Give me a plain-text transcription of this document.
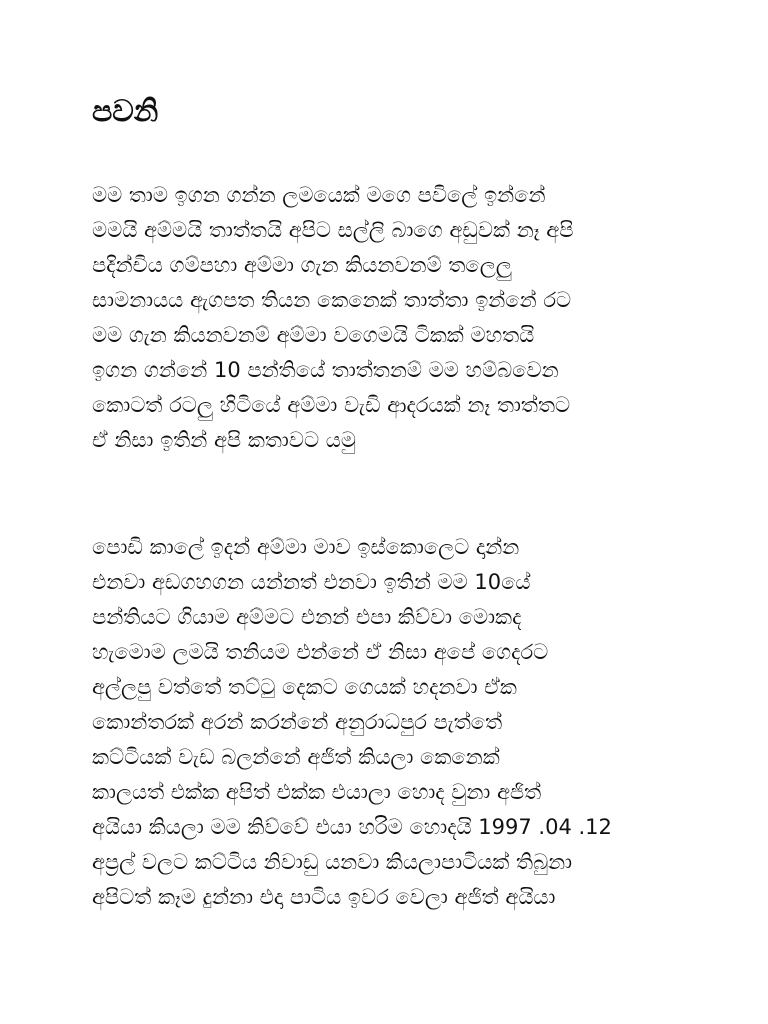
පවනි
මම තාම ඉගන ගන්න ලමයෙක් මගෙ පවිලේ ඉන්නේ
මමයි අම්මයි තාත්තයි අපිට සල්ලි බාගෙ අඩුවක් නෑ අපි
පදින්චිය ගම්පහා අම්මා ගැන කියනවනම් තලෙලු
සාමනායය ඇගපත තියන කෙනෙක් තාත්තා ඉන්නේ රට
මම ගැන කියනවනම් අම්මා වගෙමයි ටිකක් මහතයි
ඉගන ගන්නේ 10 පන්තියේ තාත්තනම් මම හම්බවෙන
කොටත් රටලු හිටියේ අම්මා වැඩි ආදරයක් නෑ තාත්තට
ඒ නිසා ඉතින් අපි කතාවට යමු
පොඩි කාලේ ඉදන් අම්මා මාව ඉස්කොලෙට දාන්න
එනවා අඩගහගන යන්නත් එනවා ඉතින් මම 10යේ
පන්තියට ගියාම අම්මට එනන් එපා කිව්වා මොකද
හැමොම ලමයි තනියම එන්නේ ඒ නිසා අපේ ගෙදරට
අල්ලපු වත්තේ තට්ටු දෙකට ගෙයක් හදනවා ඒක
කොන්තරක් අරන් කරන්නේ අනුරාධපුර පැත්තේ
කට්ටියක් වැඩ බලන්නේ අජිත් කියලා කෙනෙක්
කාලයත් එක්ක අපිත් එක්ක එයාලා හොද වුනා අජිත්
අයියා කියලා මම කිව්වේ එයා හරිම හොදයි 1997 .04 .12
අප්‍රල් වලට කට්ටිය නිවාඩු යනවා කියලාපාටියක් තිබුනා
අපිටත් කෑම දුන්නා එදා පාටිය ඉවර වෙලා අජිත් අයියා
